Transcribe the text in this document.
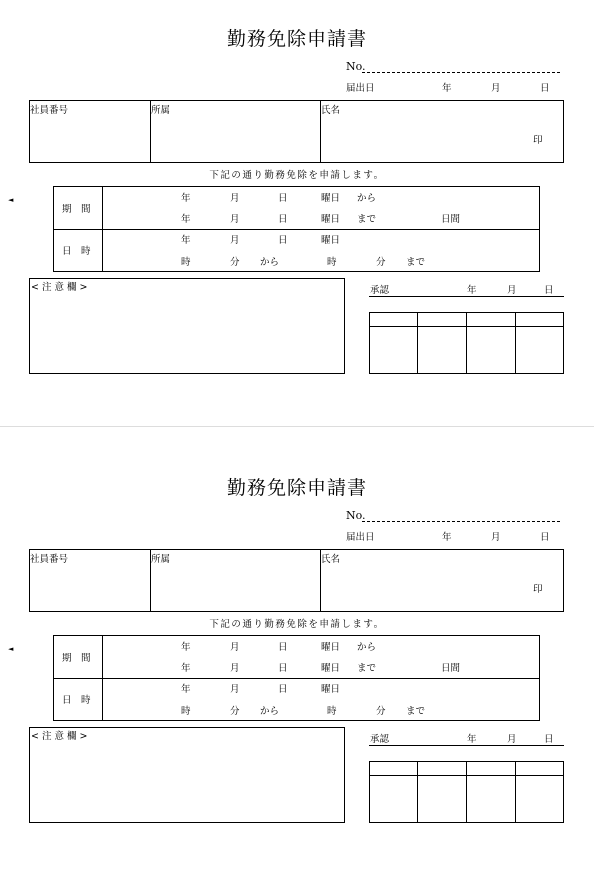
勤務免除申請書
No.
届出日	年	月	日
社員番号	所属	氏名
印
下記の通り勤務免除を申請します。
期　間
年	月	日	曜日 から
年	月	日	曜日 まで	日間
日　時
年	月	日	曜日
時	分 から	時	分 まで
< 注 意 欄 >	承認	年	月	日
◄
勤務免除申請書
No.
届出日	年	月	日
社員番号	所属	氏名
印
下記の通り勤務免除を申請します。
期　間
年	月	日	曜日 から
年	月	日	曜日 まで	日間
日　時
年	月	日	曜日
時	分 から	時	分 まで
< 注 意 欄 >	承認	年	月	日
◄
